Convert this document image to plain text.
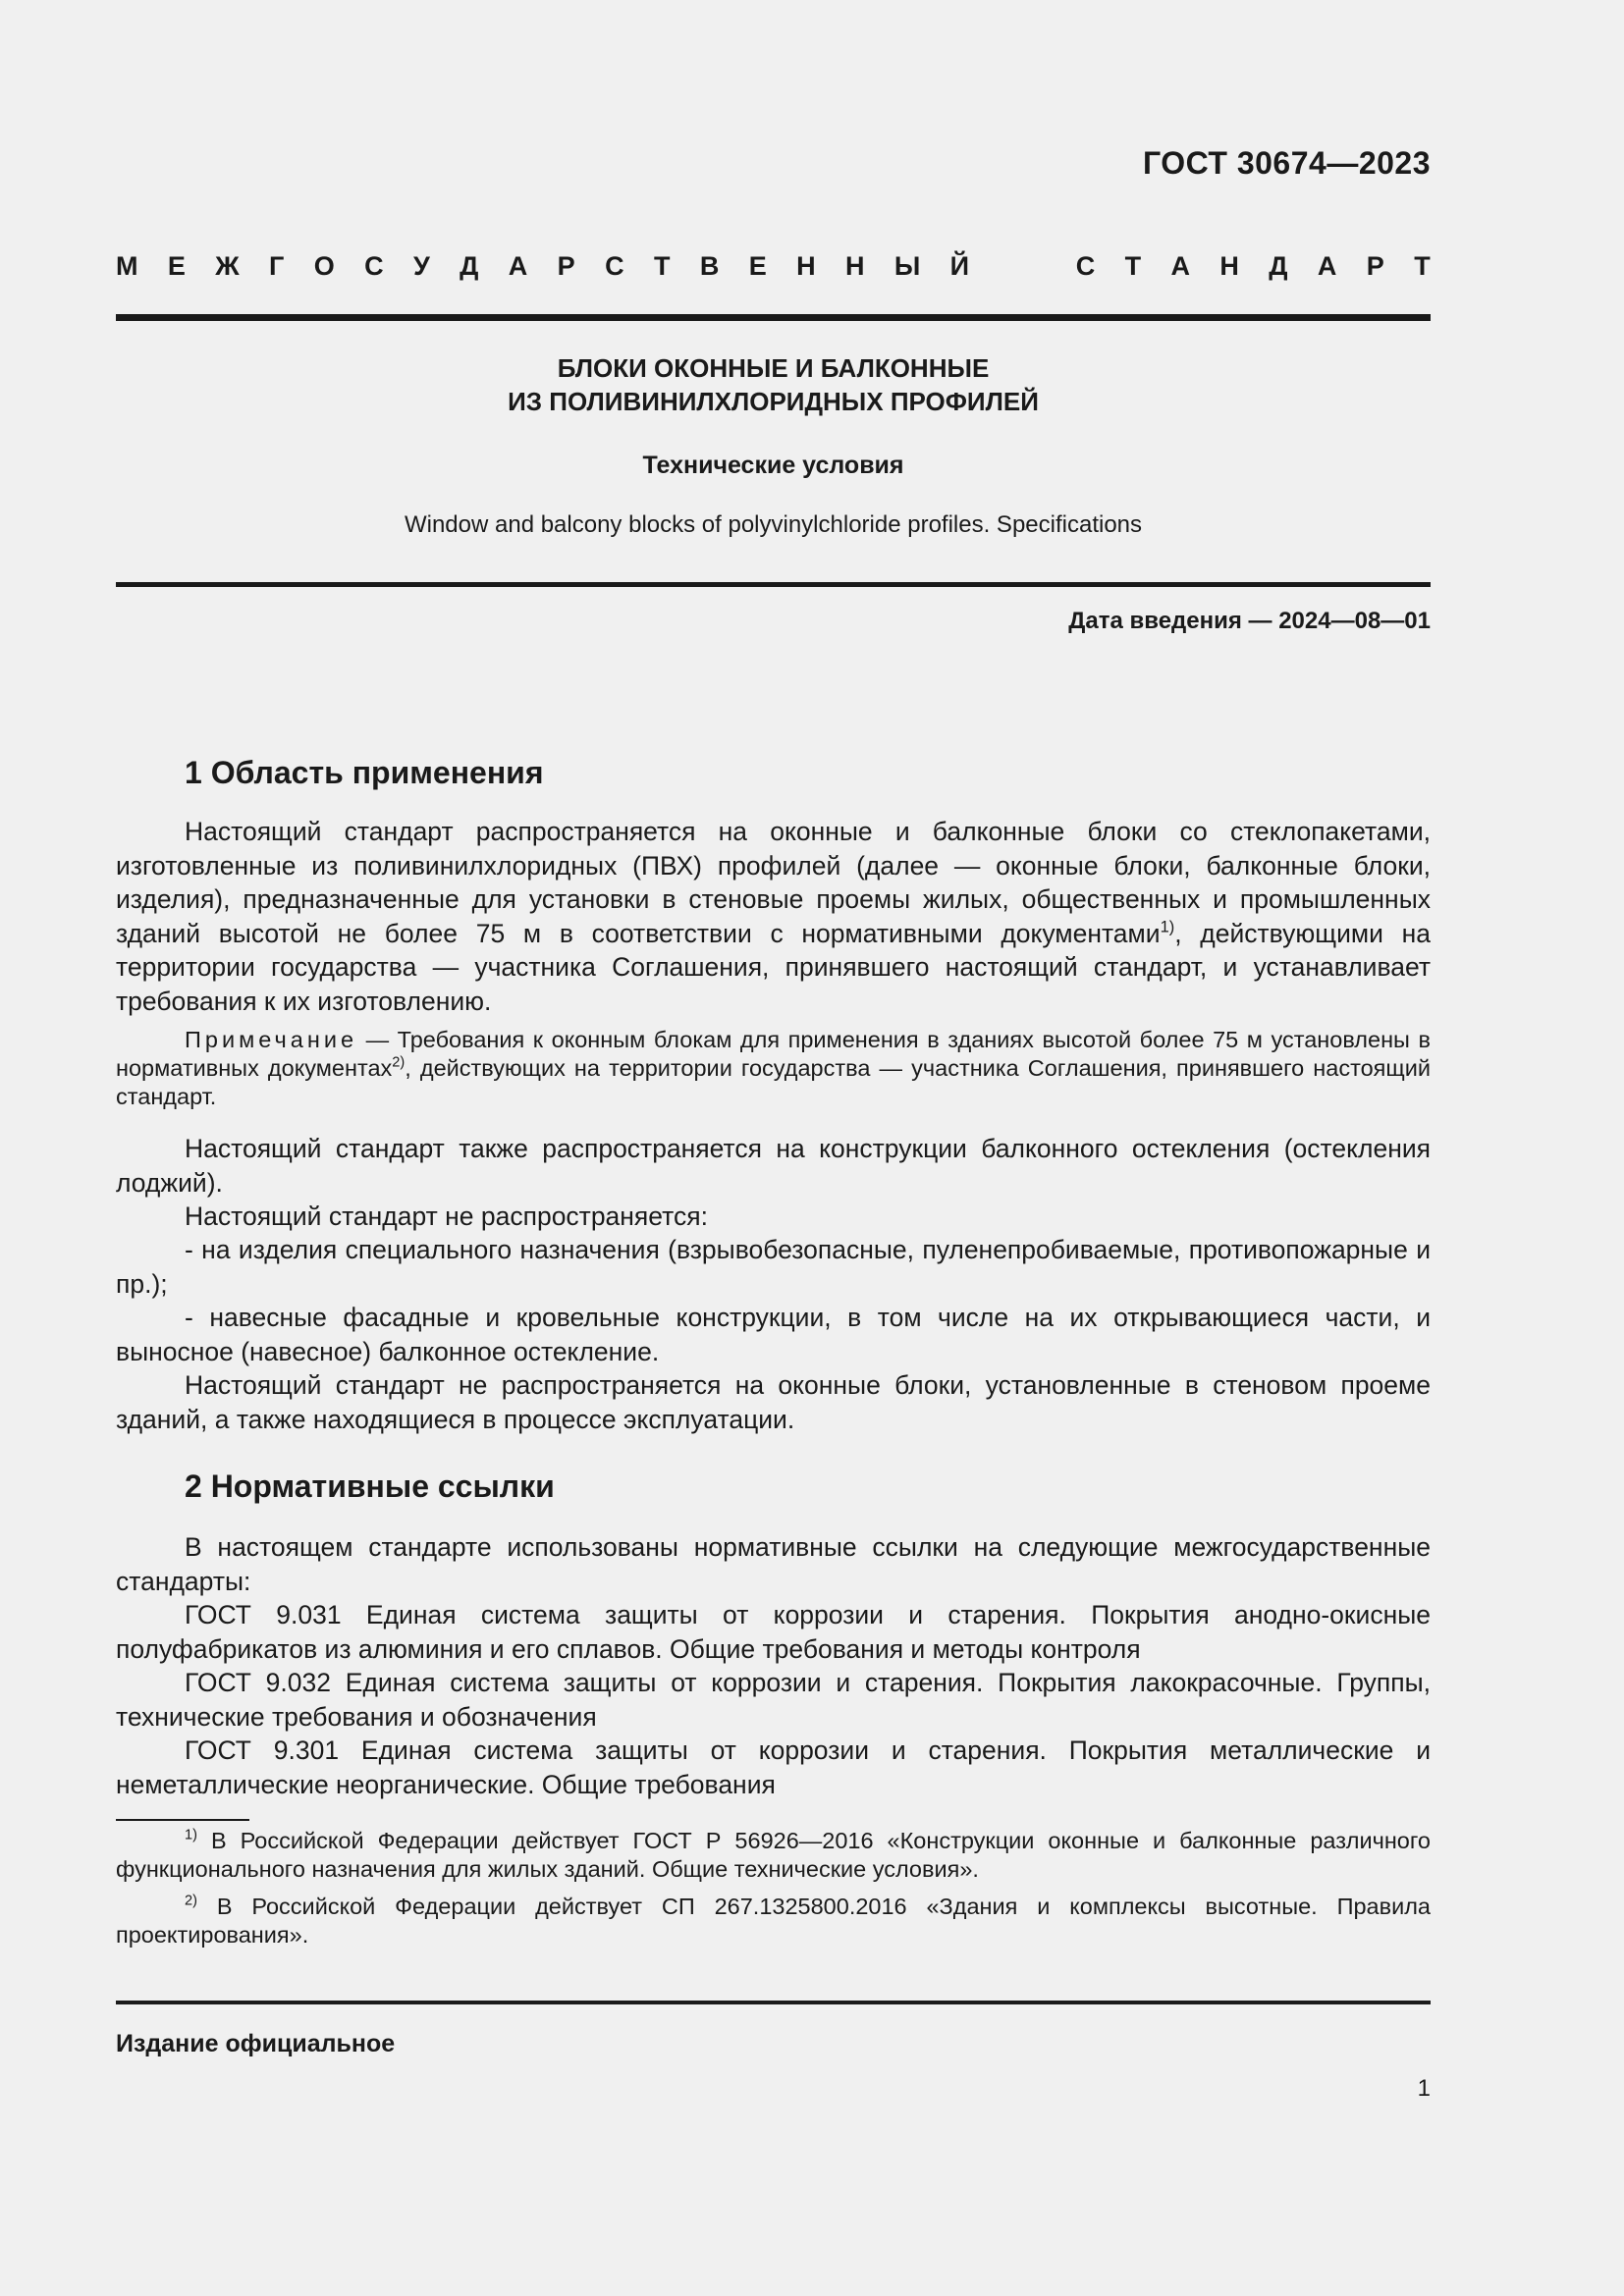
ГОСТ 30674—2023
М Е Ж Г О С У Д А Р С Т В Е Н Н Ы Й	С Т А Н Д А Р Т
БЛОКИ ОКОННЫЕ И БАЛКОННЫЕ
ИЗ ПОЛИВИНИЛХЛОРИДНЫХ ПРОФИЛЕЙ
Технические условия
Window and balcony blocks of polyvinylchloride profiles. Specifications
Дата введения — 2024—08—01
1 Область применения

Настоящий стандарт распространяется на оконные и балконные блоки со стеклопакетами, изготовленные из поливинилхлоридных (ПВХ) профилей (далее — оконные блоки, балконные блоки, изделия), предназначенные для установки в стеновые проемы жилых, общественных и промышленных зданий высотой не более 75 м в соответствии с нормативными документами$^{1)}$, действующими на территории государства — участника Соглашения, принявшего настоящий стандарт, и устанавливает требования к их изготовлению.

Примечание — Требования к оконным блокам для применения в зданиях высотой более 75 м установлены в нормативных документах$^{2)}$, действующих на территории государства — участника Соглашения, принявшего настоящий стандарт.

Настоящий стандарт также распространяется на конструкции балконного остекления (остекления лоджий).

Настоящий стандарт не распространяется:

- на изделия специального назначения (взрывобезопасные, пуленепробиваемые, противопожарные и пр.);

- навесные фасадные и кровельные конструкции, в том числе на их открывающиеся части, и выносное (навесное) балконное остекление.

Настоящий стандарт не распространяется на оконные блоки, установленные в стеновом проеме зданий, а также находящиеся в процессе эксплуатации.

2 Нормативные ссылки

В настоящем стандарте использованы нормативные ссылки на следующие межгосударственные стандарты:

ГОСТ 9.031 Единая система защиты от коррозии и старения. Покрытия анодно-окисные полуфабрикатов из алюминия и его сплавов. Общие требования и методы контроля

ГОСТ 9.032 Единая система защиты от коррозии и старения. Покрытия лакокрасочные. Группы, технические требования и обозначения

ГОСТ 9.301 Единая система защиты от коррозии и старения. Покрытия металлические и неметаллические неорганические. Общие требования

$^{1)}$ В Российской Федерации действует ГОСТ Р 56926—2016 «Конструкции оконные и балконные различного функционального назначения для жилых зданий. Общие технические условия».

$^{2)}$ В Российской Федерации действует СП 267.1325800.2016 «Здания и комплексы высотные. Правила проектирования».

Издание официальное
1
